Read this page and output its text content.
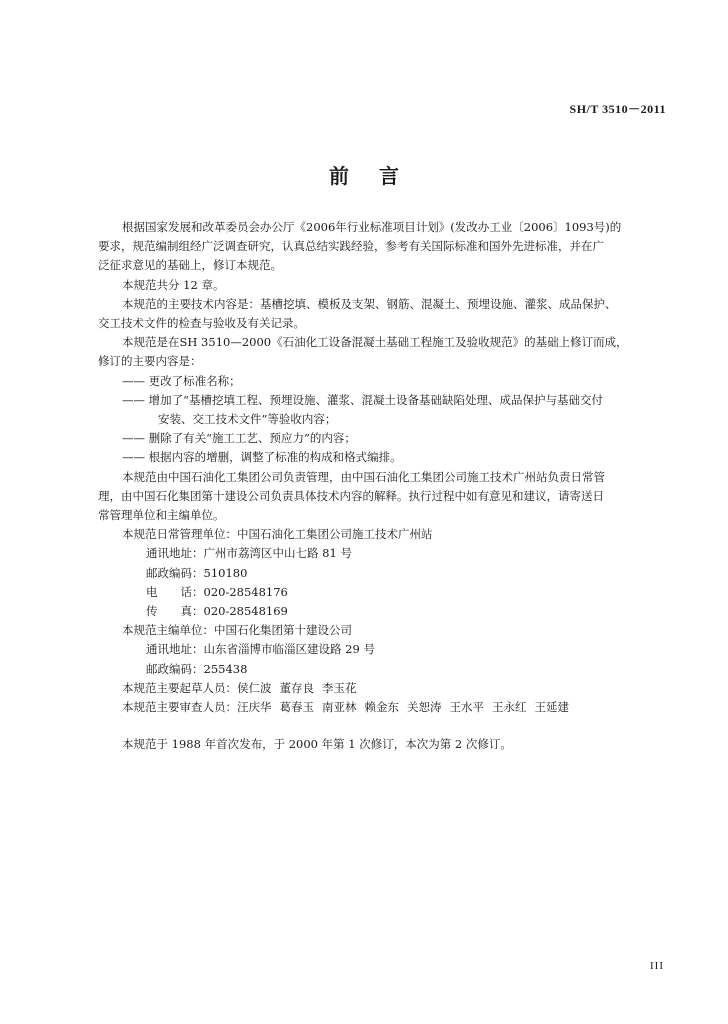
SH/T 3510－2011
前言

根据国家发展和改革委员会办公厅《2006年行业标准项目计划》(发改办工业〔2006〕1093号)的

要求，规范编制组经广泛调查研究，认真总结实践经验，参考有关国际标准和国外先进标准，并在广

泛征求意见的基础上，修订本规范。

本规范共分 12 章。

本规范的主要技术内容是：基槽挖填、模板及支架、钢筋、混凝土、预埋设施、灌浆、成品保护、

交工技术文件的检查与验收及有关记录。

本规范是在SH 3510—2000《石油化工设备混凝土基础工程施工及验收规范》的基础上修订而成，

修订的主要内容是：

—— 更改了标准名称；

—— 增加了“基槽挖填工程、预埋设施、灌浆、混凝土设备基础缺陷处理、成品保护与基础交付

安装、交工技术文件”等验收内容；

—— 删除了有关“施工工艺、预应力”的内容；

—— 根据内容的增删，调整了标准的构成和格式编排。

本规范由中国石油化工集团公司负责管理，由中国石油化工集团公司施工技术广州站负责日常管

理，由中国石化集团第十建设公司负责具体技术内容的解释。执行过程中如有意见和建议，请寄送日

常管理单位和主编单位。

本规范日常管理单位：中国石油化工集团公司施工技术广州站

通讯地址：广州市荔湾区中山七路 81 号

邮政编码：510180

电　　话：020-28548176

传　　真：020-28548169

本规范主编单位：中国石化集团第十建设公司

通讯地址：山东省淄博市临淄区建设路 29 号

邮政编码：255438

本规范主要起草人员：侯仁波 董存良 李玉花

本规范主要审查人员：汪庆华 葛春玉 南亚林 赖金东 关恕涛 王水平 王永红 王延建

本规范于 1988 年首次发布，于 2000 年第 1 次修订，本次为第 2 次修订。

III
